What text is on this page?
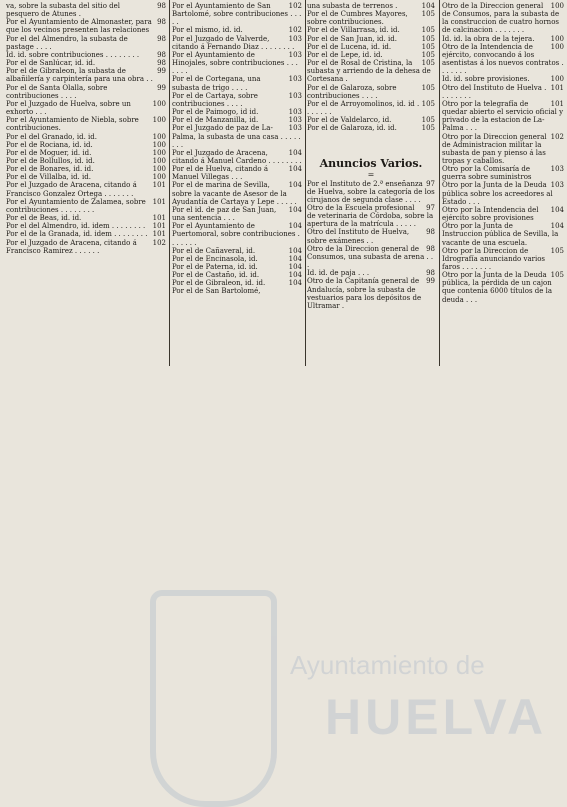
98
va, sobre la subasta del sitio del pesquero de Atunes .
98
Por el Ayuntamiento de Almonaster, para que los vecinos presenten las relaciones
98
Por el del Almendro, la subasta de pastage . . . .
98
Id. id. sobre contribuciones . . . . . . . .
98
Por el de Sanlúcar, id. id.
99
Por el de Gibraleon, la subasta de albañilería y carpintería para una obra . .
99
Por el de Santa Olalla, sobre contribuciones . . . .
100
Por el Juzgado de Huelva, sobre un exhorto . . .
100
Por el Ayuntamiento de Niebla, sobre contribuciones.
100
Por el del Granado, id. id.
100
Por el de Rociana, id. id.
100
Por el de Moguer, id. id.
100
Por el de Bollullos, id. id.
100
Por el de Bonares, id. id.
100
Por el de Villalba, id. id.
101
Por el Juzgado de Aracena, citando á Francisco Gonzalez Ortega . . . . . . .
101
Por el Ayuntamiento de Zalamea, sobre contribuciones . . . . . . . .
101
Por el de Beas, id. id.
101
Por el del Almendro, id. idem . . . . . . . .
101
Por el de la Granada, id. idem . . . . . . . .
102
Por el Juzgado de Aracena, citando á Francisco Ramirez . . . . . .
102
Por el Ayuntamiento de San Bartolomé, sobre contribuciones . . . . .
102
Por el mismo, id. id.
103
Por el Juzgado de Valverde, citando á Fernando Diaz . . . . . . . .
103
Por el Ayuntamiento de Hinojales, sobre contribuciones . . . . . . .
103
Por el de Cortegana, una subasta de trigo . . . .
103
Por el de Cartaya, sobre contribuciones . . . .
103
Por el de Paimogo, id id.
103
Por el de Manzanilla, id.
103
Por el Juzgado de paz de La-Palma, la subasta de una casa . . . . . . . .
104
Por el Juzgado de Aracena, citando á Manuel Cardeno . . . . . . . .
104
Por el de Huelva, citando á Manuel Villegas . . .
104
Por el de marina de Sevilla, sobre la vacante de Asesor de la Ayudantía de Cartaya y Lepe . . . . .
104
Por el id. de paz de San Juan, una sentencia . . .
104
Por el Ayuntamiento de Puertomoral, sobre contribuciones . . . . . . .
104
Por el de Cañaveral, id.
104
Por el de Encinasola, id.
104
Por el de Paterna, id. id.
104
Por el de Castaño, id. id.
104
Por el de Gibraleon, id. id.
Por el de San Bartolomé,
104
una subasta de terrenos .
105
Por el de Cumbres Mayores, sobre contribuciones.
105
Por el de Villarrasa, id. id.
105
Por el de San Juan, id. id.
105
Por el de Lucena, id. id.
105
Por el de Lepe, id. id.
105
Por el de Rosal de Cristina, la subasta y arriendo de la dehesa de Cortesana .
105
Por el de Galaroza, sobre contribuciones . . . .
105
Por el de Arroyomolinos, id. id . . . . . . .
105
Por el de Valdelarco, id.
105
Por el de Galaroza, id. id.
Anuncios Varios.
=
97
Por el Instituto de 2.ª enseñanza de Huelva, sobre la categoría de los cirujanos de segunda clase . . . .
97
Otro de la Escuela profesional de veterinaria de Córdoba, sobre la apertura de la matrícula . . . . .
98
Otro del Instituto de Huelva, sobre exámenes . .
98
Otro de la Direccion general de Consumos, una subasta de arena . . .
98
Id. id. de paja . . .
99
Otro de la Capitanía general de Andalucía, sobre la subasta de vestuarios para los depósitos de Ultramar .
100
Otro de la Direccion general de Consumos, para la subasta de la construccion de cuatro hornos de calcinacion . . . . . . .
100
Id. id. la obra de la tejera.
100
Otro de la Intendencia de ejército, convocando á los asentistas á los nuevos contratos . . . . . . .
100
Id. id. sobre provisiones.
101
Otro del Instituto de Huelva . . . . . . . .
101
Otro por la telegrafía de quedar abierto el servicio oficial y privado de la estacion de La-Palma . . .
102
Otro por la Direccion general de Administracion militar la subasta de pan y pienso á las tropas y caballos.
103
Otro por la Comisaría de guerra sobre suministros
103
Otro por la Junta de la Deuda pública sobre los acreedores al Estado . . .
104
Otro por la Intendencia del ejército sobre provisiones
104
Otro por la Junta de Instruccion pública de Sevilla, la vacante de una escuela.
105
Otro por la Direccion de Idrografía anunciando varios faros . . . . . . .
105
Otro por la Junta de la Deuda pública, la pérdida de un cajon que contenia 6000 títulos de la deuda . . .
Ayuntamiento de
HUELVA
